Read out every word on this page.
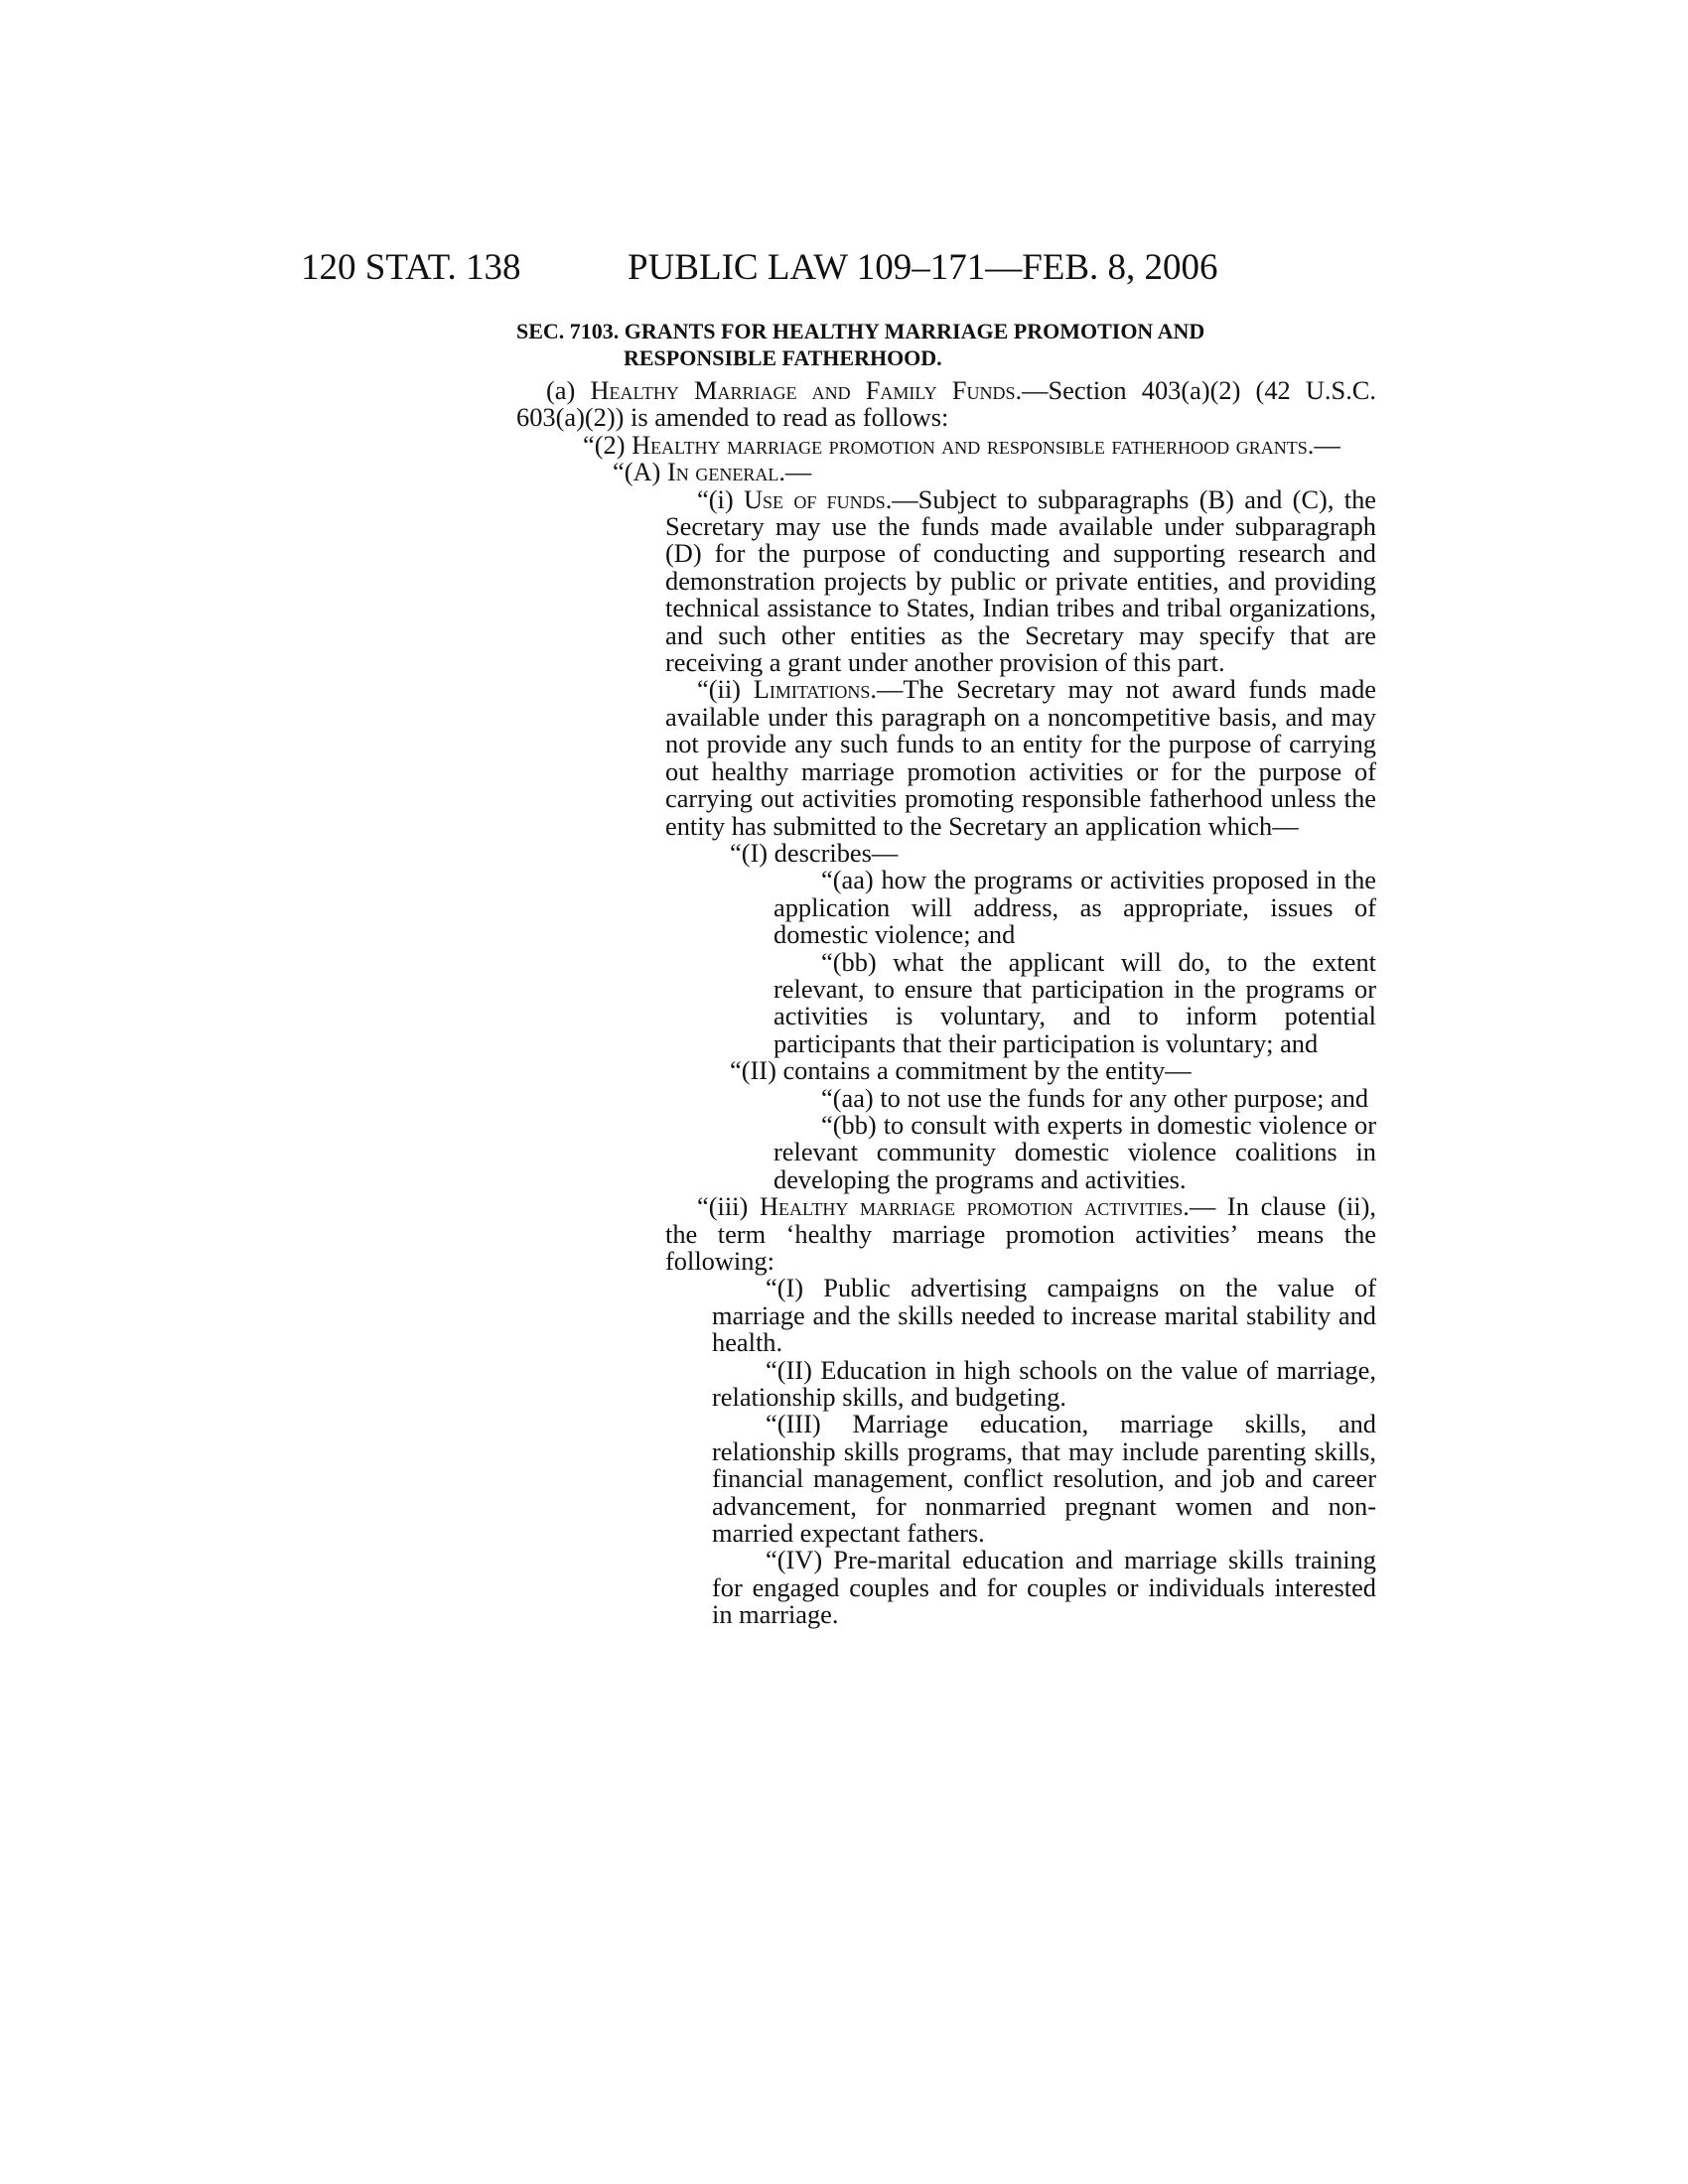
120 STAT. 138	PUBLIC LAW 109–171—FEB. 8, 2006
SEC. 7103. GRANTS FOR HEALTHY MARRIAGE PROMOTION AND
RESPONSIBLE FATHERHOOD.

(a) Healthy Marriage and Family Funds.—Section 403(a)(2) (42 U.S.C. 603(a)(2)) is amended to read as follows:

“(2) Healthy marriage promotion and responsible fatherhood grants.—

“(A) In general.—

“(i) Use of funds.—Subject to subparagraphs (B) and (C), the Secretary may use the funds made available under subparagraph (D) for the purpose of conducting and supporting research and demonstration projects by public or private entities, and providing technical assistance to States, Indian tribes and tribal organizations, and such other entities as the Secretary may specify that are receiving a grant under another provision of this part.

“(ii) Limitations.—The Secretary may not award funds made available under this paragraph on a noncompetitive basis, and may not provide any such funds to an entity for the purpose of carrying out healthy marriage promotion activities or for the purpose of carrying out activities promoting responsible fatherhood unless the entity has submitted to the Secretary an application which—

“(I) describes—

“(aa) how the programs or activities proposed in the application will address, as appropriate, issues of domestic violence; and

“(bb) what the applicant will do, to the extent relevant, to ensure that participation in the programs or activities is voluntary, and to inform potential participants that their participation is voluntary; and

“(II) contains a commitment by the entity—

“(aa) to not use the funds for any other purpose; and

“(bb) to consult with experts in domestic violence or relevant community domestic violence coalitions in developing the programs and activities.

“(iii) Healthy marriage promotion activities.— In clause (ii), the term ‘healthy marriage promotion activities’ means the following:

“(I) Public advertising campaigns on the value of marriage and the skills needed to increase marital stability and health.

“(II) Education in high schools on the value of marriage, relationship skills, and budgeting.

“(III) Marriage education, marriage skills, and relationship skills programs, that may include parenting skills, financial management, conflict resolution, and job and career advancement, for nonmarried pregnant women and non-married expectant fathers.

“(IV) Pre-marital education and marriage skills training for engaged couples and for couples or individuals interested in marriage.
